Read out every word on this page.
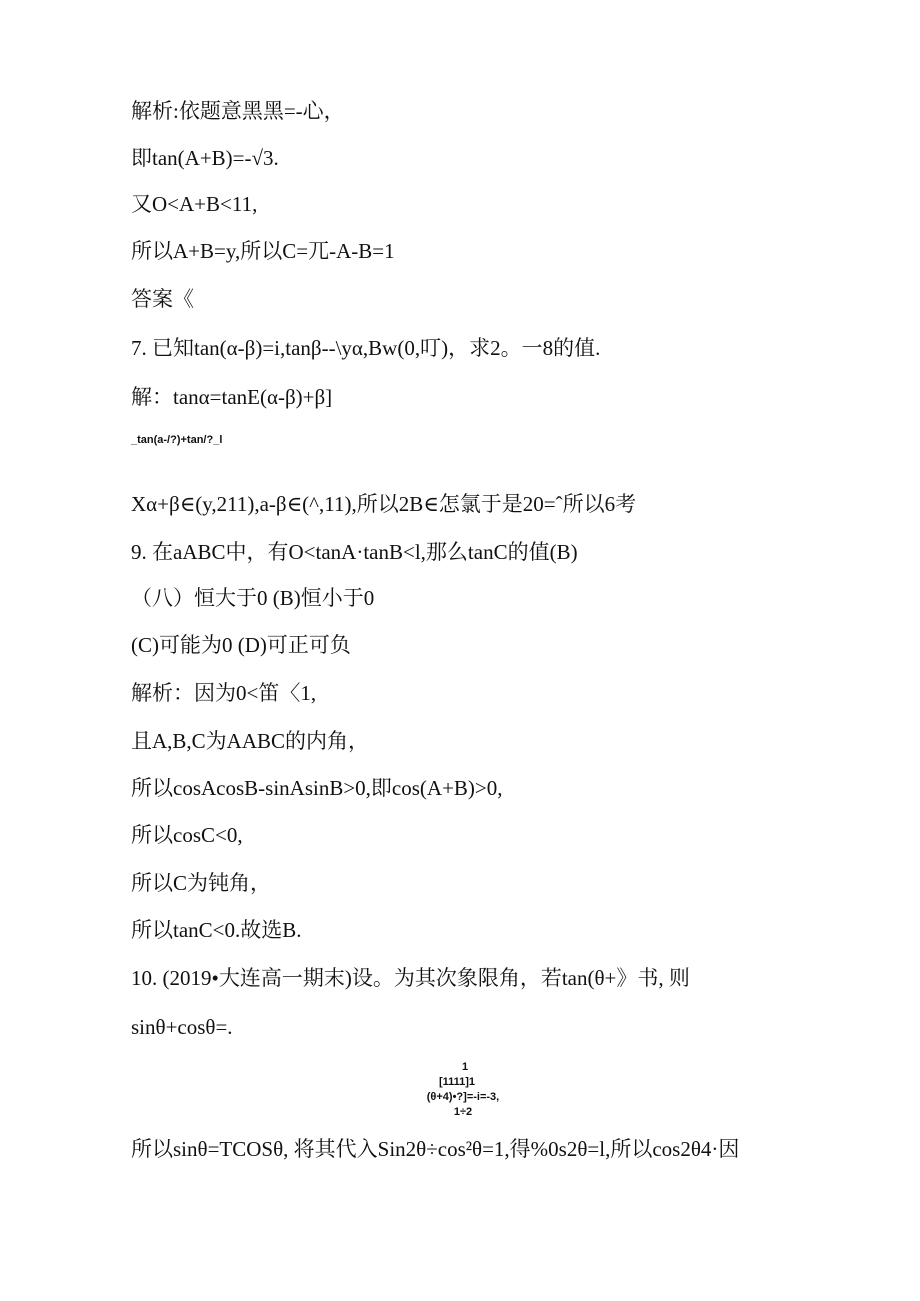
解析:依题意黑黑=-心，
即tan(A+B)=-√3.
又O<A+B<11,
所以A+B=y,所以C=兀-A-B=1
答案《
7. 已知tan(α-β)=i,tanβ--\yα,Bw(0,叮)，求2。一8的值.
解：tanα=tanE(α-β)+β]
_tan(a-/?)+tan/?_l
Xα+β∈(y,211),a-β∈(^,11),所以2B∈怎氯于是20=ˆ所以6考
9. 在aABC中，有O<tanA·tanB<l,那么tanC的值(B)
（八）恒大于0 (B)恒小于0
(C)可能为0 (D)可正可负
解析：因为0<笛〈1,
且A,B,C为AABC的内角，
所以cosAcosB-sinAsinB>0,即cos(A+B)>0,
所以cosC<0,
所以C为钝角，
所以tanC<0.故选B.
10. (2019•大连高一期末)设。为其次象限角，若tan(θ+》书, 则
sinθ+cosθ=.
1
[1111]1
(θ+4)•?]=-i=-3,
1÷2
所以sinθ=TCOSθ, 将其代入Sin2θ÷cos²θ=1,得%0s2θ=l,所以cos2θ4·因
